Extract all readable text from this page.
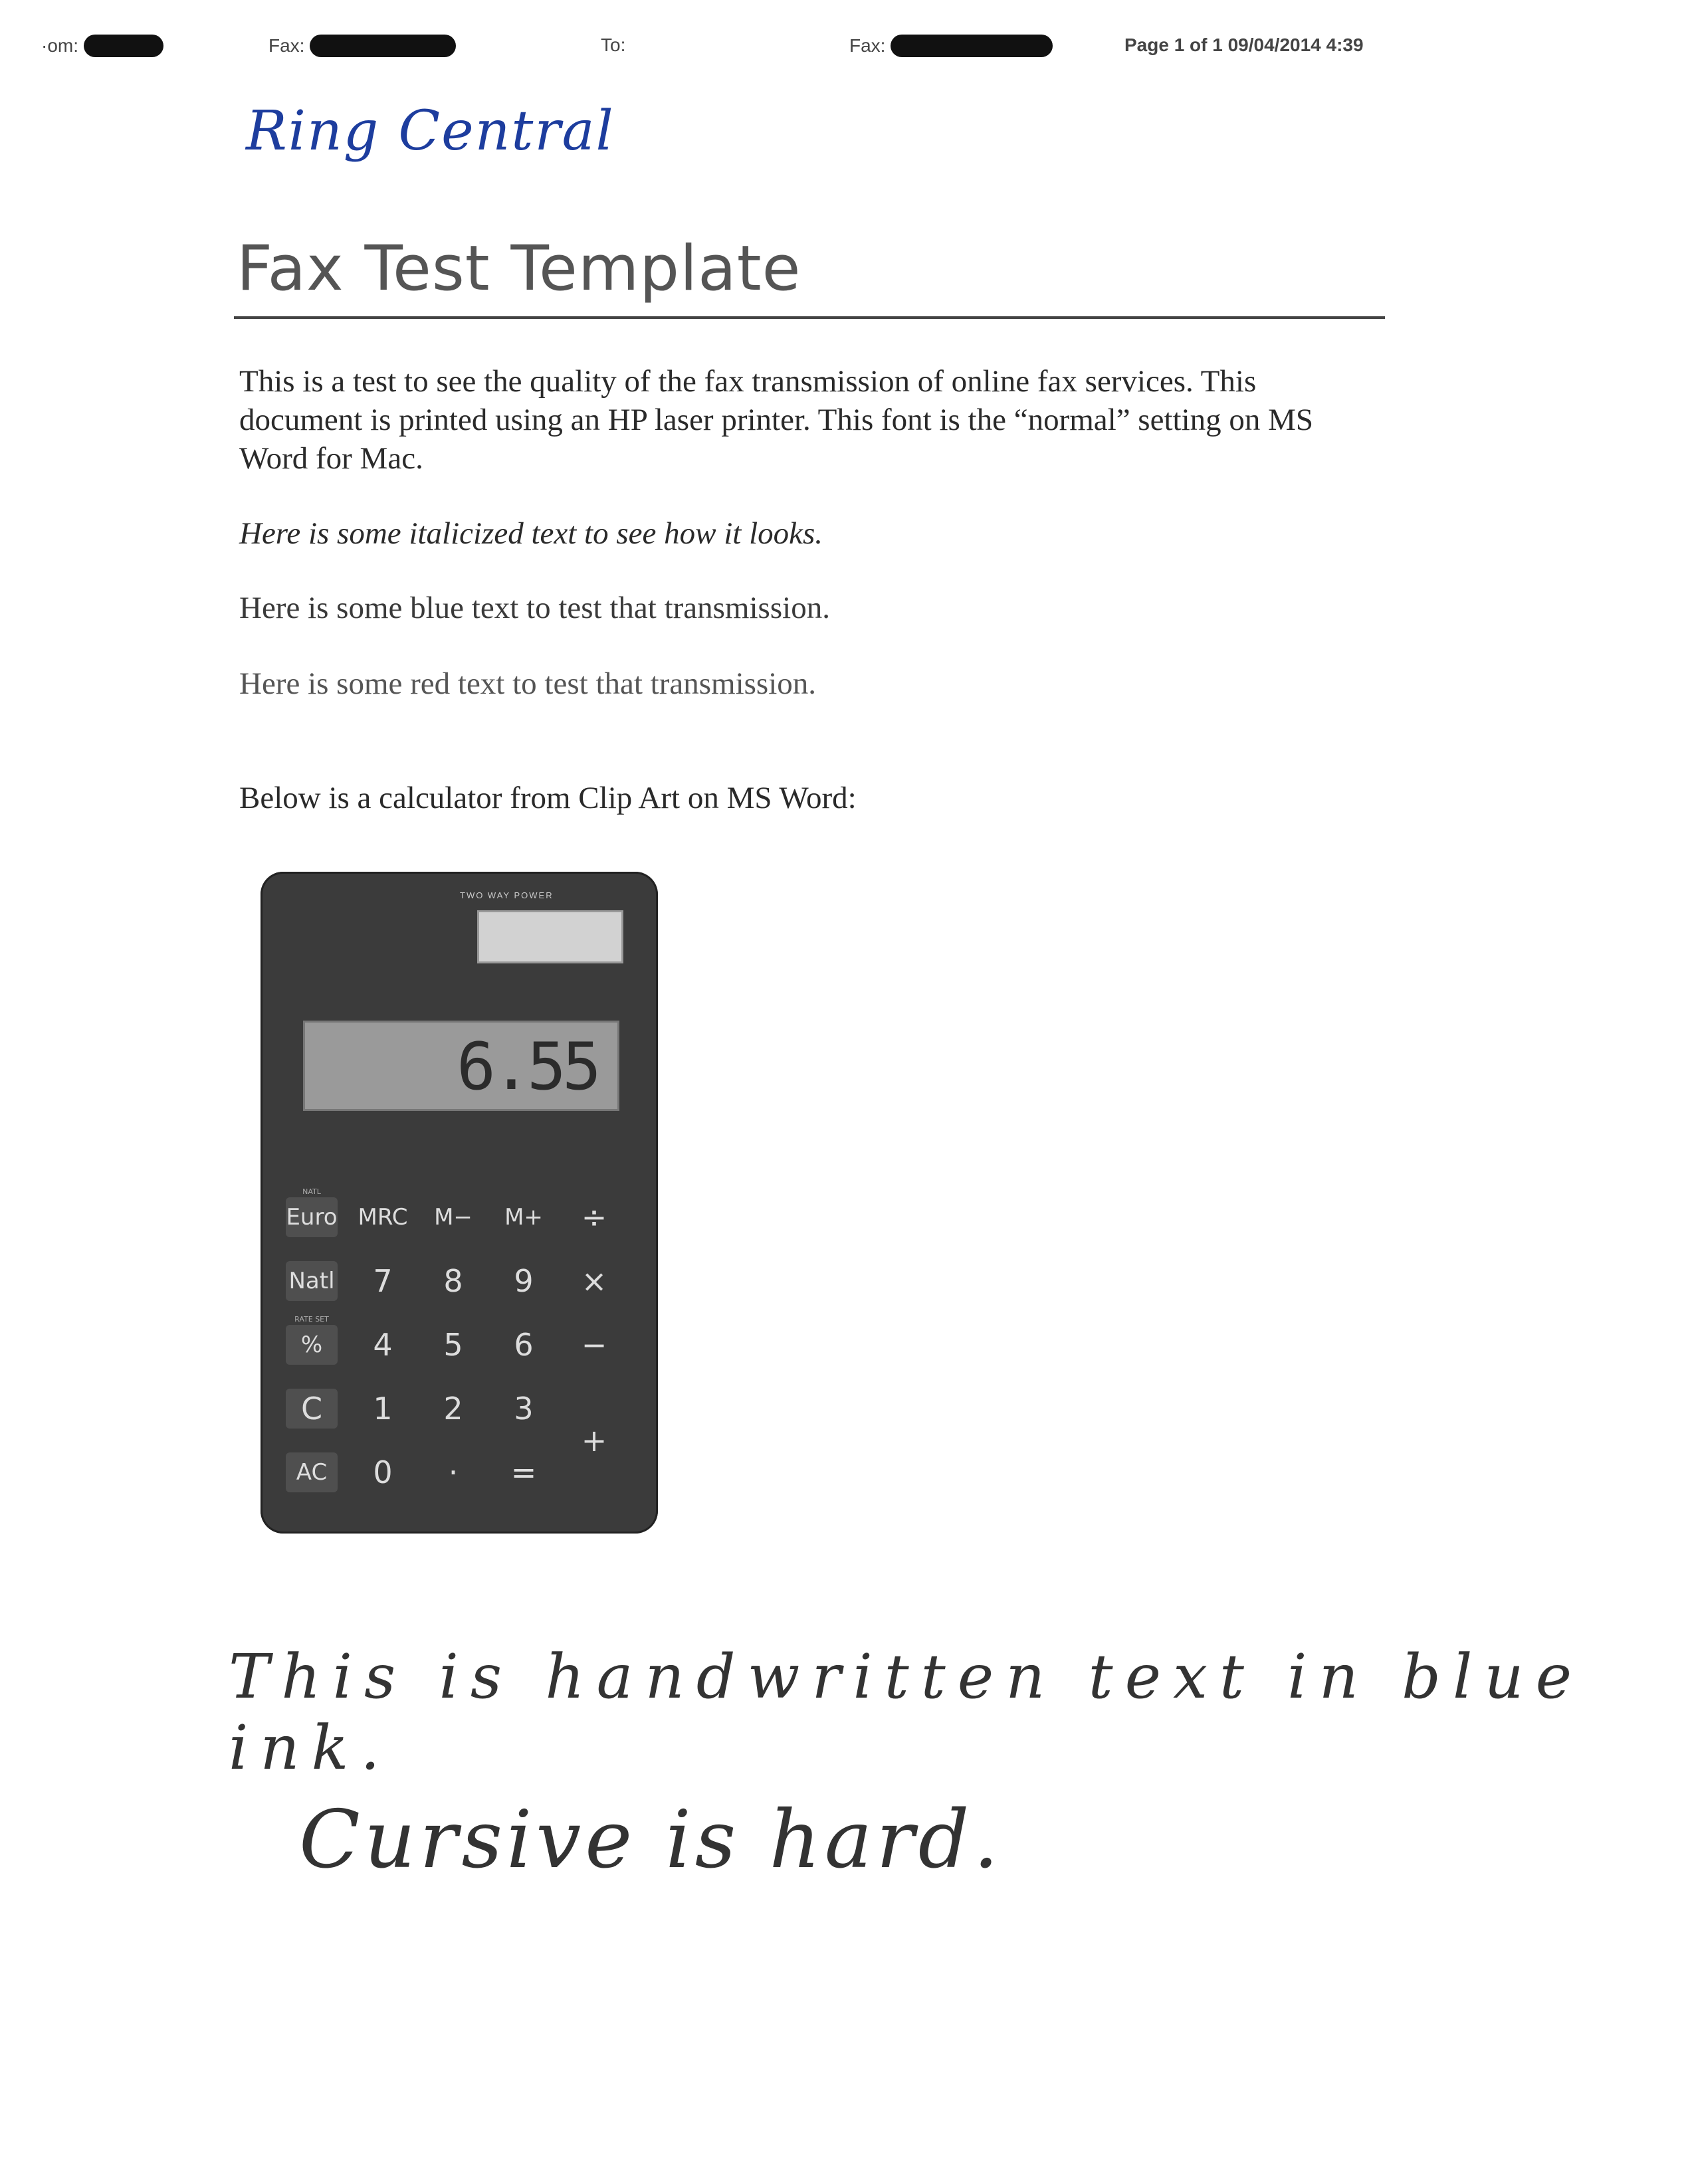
·om:	Fax:	To:	Fax:	Page 1 of 1 09/04/2014 4:39
Ring Central
Fax Test Template
This is a test to see the quality of the fax transmission of online fax services. This document is printed using an HP laser printer. This font is the “normal” setting on MS Word for Mac.
Here is some italicized text to see how it looks.
Here is some blue text to test that transmission.
Here is some red text to test that transmission.
Below is a calculator from Clip Art on MS Word:
TWO WAY POWER
6.55
NATL
Euro MRC	M−	M+	÷
Natl	7	8	9	×
RATE SET
%	4	5	6	−
C	1	2	3
+
AC	0	·	=
This is handwritten text in blue ink.
Cursive is hard.
